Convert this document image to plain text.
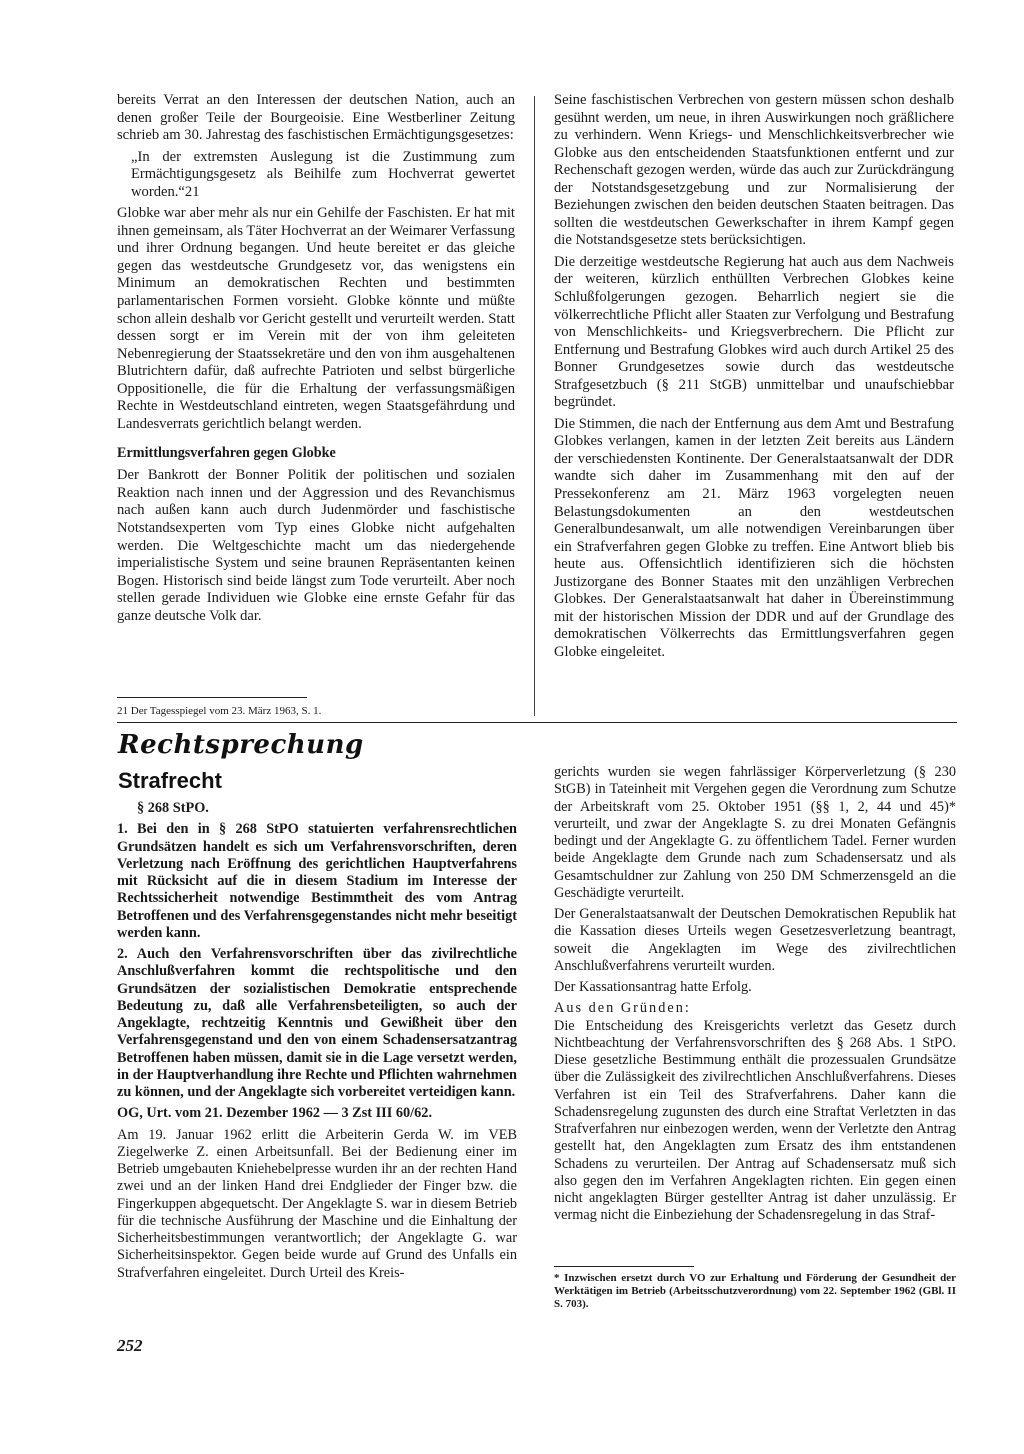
bereits Verrat an den Interessen der deutschen Nation, auch an denen großer Teile der Bourgeoisie. Eine Westberliner Zeitung schrieb am 30. Jahrestag des faschistischen Ermächtigungsgesetzes:

„In der extremsten Auslegung ist die Zustimmung zum Ermächtigungsgesetz als Beihilfe zum Hochverrat gewertet worden.“21

Globke war aber mehr als nur ein Gehilfe der Faschisten. Er hat mit ihnen gemeinsam, als Täter Hochverrat an der Weimarer Verfassung und ihrer Ordnung begangen. Und heute bereitet er das gleiche gegen das westdeutsche Grundgesetz vor, das wenigstens ein Minimum an demokratischen Rechten und bestimmten parlamentarischen Formen vorsieht. Globke könnte und müßte schon allein deshalb vor Gericht gestellt und verurteilt werden. Statt dessen sorgt er im Verein mit der von ihm geleiteten Nebenregierung der Staatssekretäre und den von ihm ausgehaltenen Blutrichtern dafür, daß aufrechte Patrioten und selbst bürgerliche Oppositionelle, die für die Erhaltung der verfassungsmäßigen Rechte in Westdeutschland eintreten, wegen Staatsgefährdung und Landesverrats gerichtlich belangt werden.

Ermittlungsverfahren gegen Globke

Der Bankrott der Bonner Politik der politischen und sozialen Reaktion nach innen und der Aggression und des Revanchismus nach außen kann auch durch Judenmörder und faschistische Notstandsexperten vom Typ eines Globke nicht aufgehalten werden. Die Weltgeschichte macht um das niedergehende imperialistische System und seine braunen Repräsentanten keinen Bogen. Historisch sind beide längst zum Tode verurteilt. Aber noch stellen gerade Individuen wie Globke eine ernste Gefahr für das ganze deutsche Volk dar.

Seine faschistischen Verbrechen von gestern müssen schon deshalb gesühnt werden, um neue, in ihren Auswirkungen noch gräßlichere zu verhindern. Wenn Kriegs- und Menschlichkeitsverbrecher wie Globke aus den entscheidenden Staatsfunktionen entfernt und zur Rechenschaft gezogen werden, würde das auch zur Zurückdrängung der Notstandsgesetzgebung und zur Normalisierung der Beziehungen zwischen den beiden deutschen Staaten beitragen. Das sollten die westdeutschen Gewerkschafter in ihrem Kampf gegen die Notstandsgesetze stets berücksichtigen.

Die derzeitige westdeutsche Regierung hat auch aus dem Nachweis der weiteren, kürzlich enthüllten Verbrechen Globkes keine Schlußfolgerungen gezogen. Beharrlich negiert sie die völkerrechtliche Pflicht aller Staaten zur Verfolgung und Bestrafung von Menschlichkeits- und Kriegsverbrechern. Die Pflicht zur Entfernung und Bestrafung Globkes wird auch durch Artikel 25 des Bonner Grundgesetzes sowie durch das westdeutsche Strafgesetzbuch (§ 211 StGB) unmittelbar und unaufschiebbar begründet.

Die Stimmen, die nach der Entfernung aus dem Amt und Bestrafung Globkes verlangen, kamen in der letzten Zeit bereits aus Ländern der verschiedensten Kontinente. Der Generalstaatsanwalt der DDR wandte sich daher im Zusammenhang mit den auf der Pressekonferenz am 21. März 1963 vorgelegten neuen Belastungsdokumenten an den westdeutschen Generalbundesanwalt, um alle notwendigen Vereinbarungen über ein Strafverfahren gegen Globke zu treffen. Eine Antwort blieb bis heute aus. Offensichtlich identifizieren sich die höchsten Justizorgane des Bonner Staates mit den unzähligen Verbrechen Globkes. Der Generalstaatsanwalt hat daher in Übereinstimmung mit der historischen Mission der DDR und auf der Grundlage des demokratischen Völkerrechts das Ermittlungsverfahren gegen Globke eingeleitet.

21 Der Tagesspiegel vom 23. März 1963, S. 1.

Rechtsprechung
Strafrecht

§ 268 StPO.

1. Bei den in § 268 StPO statuierten verfahrensrechtlichen Grundsätzen handelt es sich um Verfahrensvorschriften, deren Verletzung nach Eröffnung des gerichtlichen Hauptverfahrens mit Rücksicht auf die in diesem Stadium im Interesse der Rechtssicherheit notwendige Bestimmtheit des vom Antrag Betroffenen und des Verfahrensgegenstandes nicht mehr beseitigt werden kann.

2. Auch den Verfahrensvorschriften über das zivilrechtliche Anschlußverfahren kommt die rechtspolitische und den Grundsätzen der sozialistischen Demokratie entsprechende Bedeutung zu, daß alle Verfahrensbeteiligten, so auch der Angeklagte, rechtzeitig Kenntnis und Gewißheit über den Verfahrensgegenstand und den von einem Schadensersatzantrag Betroffenen haben müssen, damit sie in die Lage versetzt werden, in der Hauptverhandlung ihre Rechte und Pflichten wahrnehmen zu können, und der Angeklagte sich vorbereitet verteidigen kann.

OG, Urt. vom 21. Dezember 1962 — 3 Zst III 60/62.

Am 19. Januar 1962 erlitt die Arbeiterin Gerda W. im VEB Ziegelwerke Z. einen Arbeitsunfall. Bei der Bedienung einer im Betrieb umgebauten Kniehebelpresse wurden ihr an der rechten Hand zwei und an der linken Hand drei Endglieder der Finger bzw. die Fingerkuppen abgequetscht. Der Angeklagte S. war in diesem Betrieb für die technische Ausführung der Maschine und die Einhaltung der Sicherheitsbestimmungen verantwortlich; der Angeklagte G. war Sicherheitsinspektor. Gegen beide wurde auf Grund des Unfalls ein Strafverfahren eingeleitet. Durch Urteil des Kreis-

gerichts wurden sie wegen fahrlässiger Körperverletzung (§ 230 StGB) in Tateinheit mit Vergehen gegen die Verordnung zum Schutze der Arbeitskraft vom 25. Oktober 1951 (§§ 1, 2, 44 und 45)* verurteilt, und zwar der Angeklagte S. zu drei Monaten Gefängnis bedingt und der Angeklagte G. zu öffentlichem Tadel. Ferner wurden beide Angeklagte dem Grunde nach zum Schadensersatz und als Gesamtschuldner zur Zahlung von 250 DM Schmerzensgeld an die Geschädigte verurteilt.

Der Generalstaatsanwalt der Deutschen Demokratischen Republik hat die Kassation dieses Urteils wegen Gesetzesverletzung beantragt, soweit die Angeklagten im Wege des zivilrechtlichen Anschlußverfahrens verurteilt wurden.

Der Kassationsantrag hatte Erfolg.

Aus den Gründen:

Die Entscheidung des Kreisgerichts verletzt das Gesetz durch Nichtbeachtung der Verfahrensvorschriften des § 268 Abs. 1 StPO. Diese gesetzliche Bestimmung enthält die prozessualen Grundsätze über die Zulässigkeit des zivilrechtlichen Anschlußverfahrens. Dieses Verfahren ist ein Teil des Strafverfahrens. Daher kann die Schadensregelung zugunsten des durch eine Straftat Verletzten in das Strafverfahren nur einbezogen werden, wenn der Verletzte den Antrag gestellt hat, den Angeklagten zum Ersatz des ihm entstandenen Schadens zu verurteilen. Der Antrag auf Schadensersatz muß sich also gegen den im Verfahren Angeklagten richten. Ein gegen einen nicht angeklagten Bürger gestellter Antrag ist daher unzulässig. Er vermag nicht die Einbeziehung der Schadensregelung in das Straf-

* Inzwischen ersetzt durch VO zur Erhaltung und Förderung der Gesundheit der Werktätigen im Betrieb (Arbeitsschutzverordnung) vom 22. September 1962 (GBl. II S. 703).

252
